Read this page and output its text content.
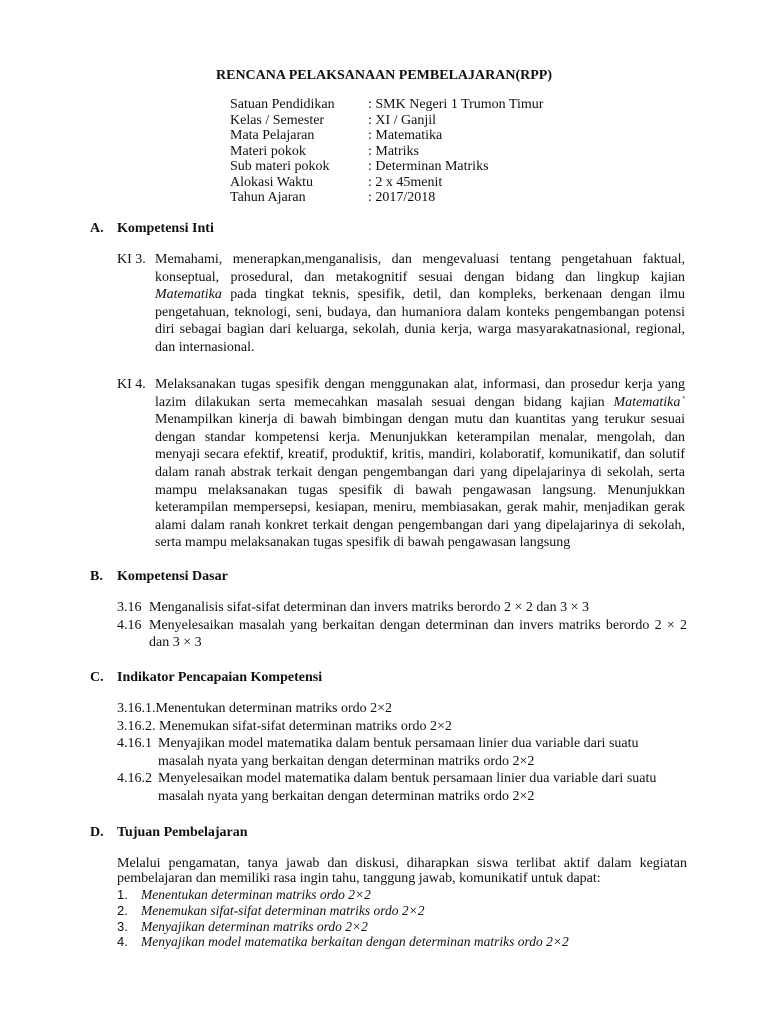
RENCANA PELAKSANAAN PEMBELAJARAN(RPP)
Satuan Pendidikan	: SMK Negeri 1 Trumon Timur
Kelas / Semester	: XI / Ganjil
Mata Pelajaran	: Matematika
Materi pokok	: Matriks
Sub materi pokok	: Determinan Matriks
Alokasi Waktu	: 2 x 45menit
Tahun Ajaran	: 2017/2018
A. Kompetensi Inti
KI 3. Memahami, menerapkan,menganalisis, dan mengevaluasi tentang pengetahuan faktual, konseptual, prosedural, dan metakognitif sesuai dengan bidang dan lingkup kajian Matematika pada tingkat teknis, spesifik, detil, dan kompleks, berkenaan dengan ilmu pengetahuan, teknologi, seni, budaya, dan humaniora dalam konteks pengembangan potensi diri sebagai bagian dari keluarga, sekolah, dunia kerja, warga masyarakatnasional, regional, dan internasional.
KI 4. Melaksanakan tugas spesifik dengan menggunakan alat, informasi, dan prosedur kerja yang lazim dilakukan serta memecahkan masalah sesuai dengan bidang kajian Matematika` Menampilkan kinerja di bawah bimbingan dengan mutu dan kuantitas yang terukur sesuai dengan standar kompetensi kerja. Menunjukkan keterampilan menalar, mengolah, dan menyaji secara efektif, kreatif, produktif, kritis, mandiri, kolaboratif, komunikatif, dan solutif dalam ranah abstrak terkait dengan pengembangan dari yang dipelajarinya di sekolah, serta mampu melaksanakan tugas spesifik di bawah pengawasan langsung. Menunjukkan keterampilan mempersepsi, kesiapan, meniru, membiasakan, gerak mahir, menjadikan gerak alami dalam ranah konkret terkait dengan pengembangan dari yang dipelajarinya di sekolah, serta mampu melaksanakan tugas spesifik di bawah pengawasan langsung
B. Kompetensi Dasar
3.16 Menganalisis sifat-sifat determinan dan invers matriks berordo 2 × 2 dan 3 × 3
4.16 Menyelesaikan masalah yang berkaitan dengan determinan dan invers matriks berordo 2 × 2 dan 3 × 3
C. Indikator Pencapaian Kompetensi
3.16.1.Menentukan determinan matriks ordo 2×2
3.16.2. Menemukan sifat-sifat determinan matriks ordo 2×2
4.16.1 Menyajikan model matematika dalam bentuk persamaan linier dua variable dari suatu
masalah nyata yang berkaitan dengan determinan matriks ordo 2×2
4.16.2 Menyelesaikan model matematika dalam bentuk persamaan linier dua variable dari suatu
masalah nyata yang berkaitan dengan determinan matriks ordo 2×2
D. Tujuan Pembelajaran
Melalui pengamatan, tanya jawab dan diskusi, diharapkan siswa terlibat aktif dalam kegiatan pembelajaran dan memiliki rasa ingin tahu, tanggung jawab, komunikatif untuk dapat:
1. Menentukan determinan matriks ordo 2×2
2. Menemukan sifat-sifat determinan matriks ordo 2×2
3. Menyajikan determinan matriks ordo 2×2
4. Menyajikan model matematika berkaitan dengan determinan matriks ordo 2×2
